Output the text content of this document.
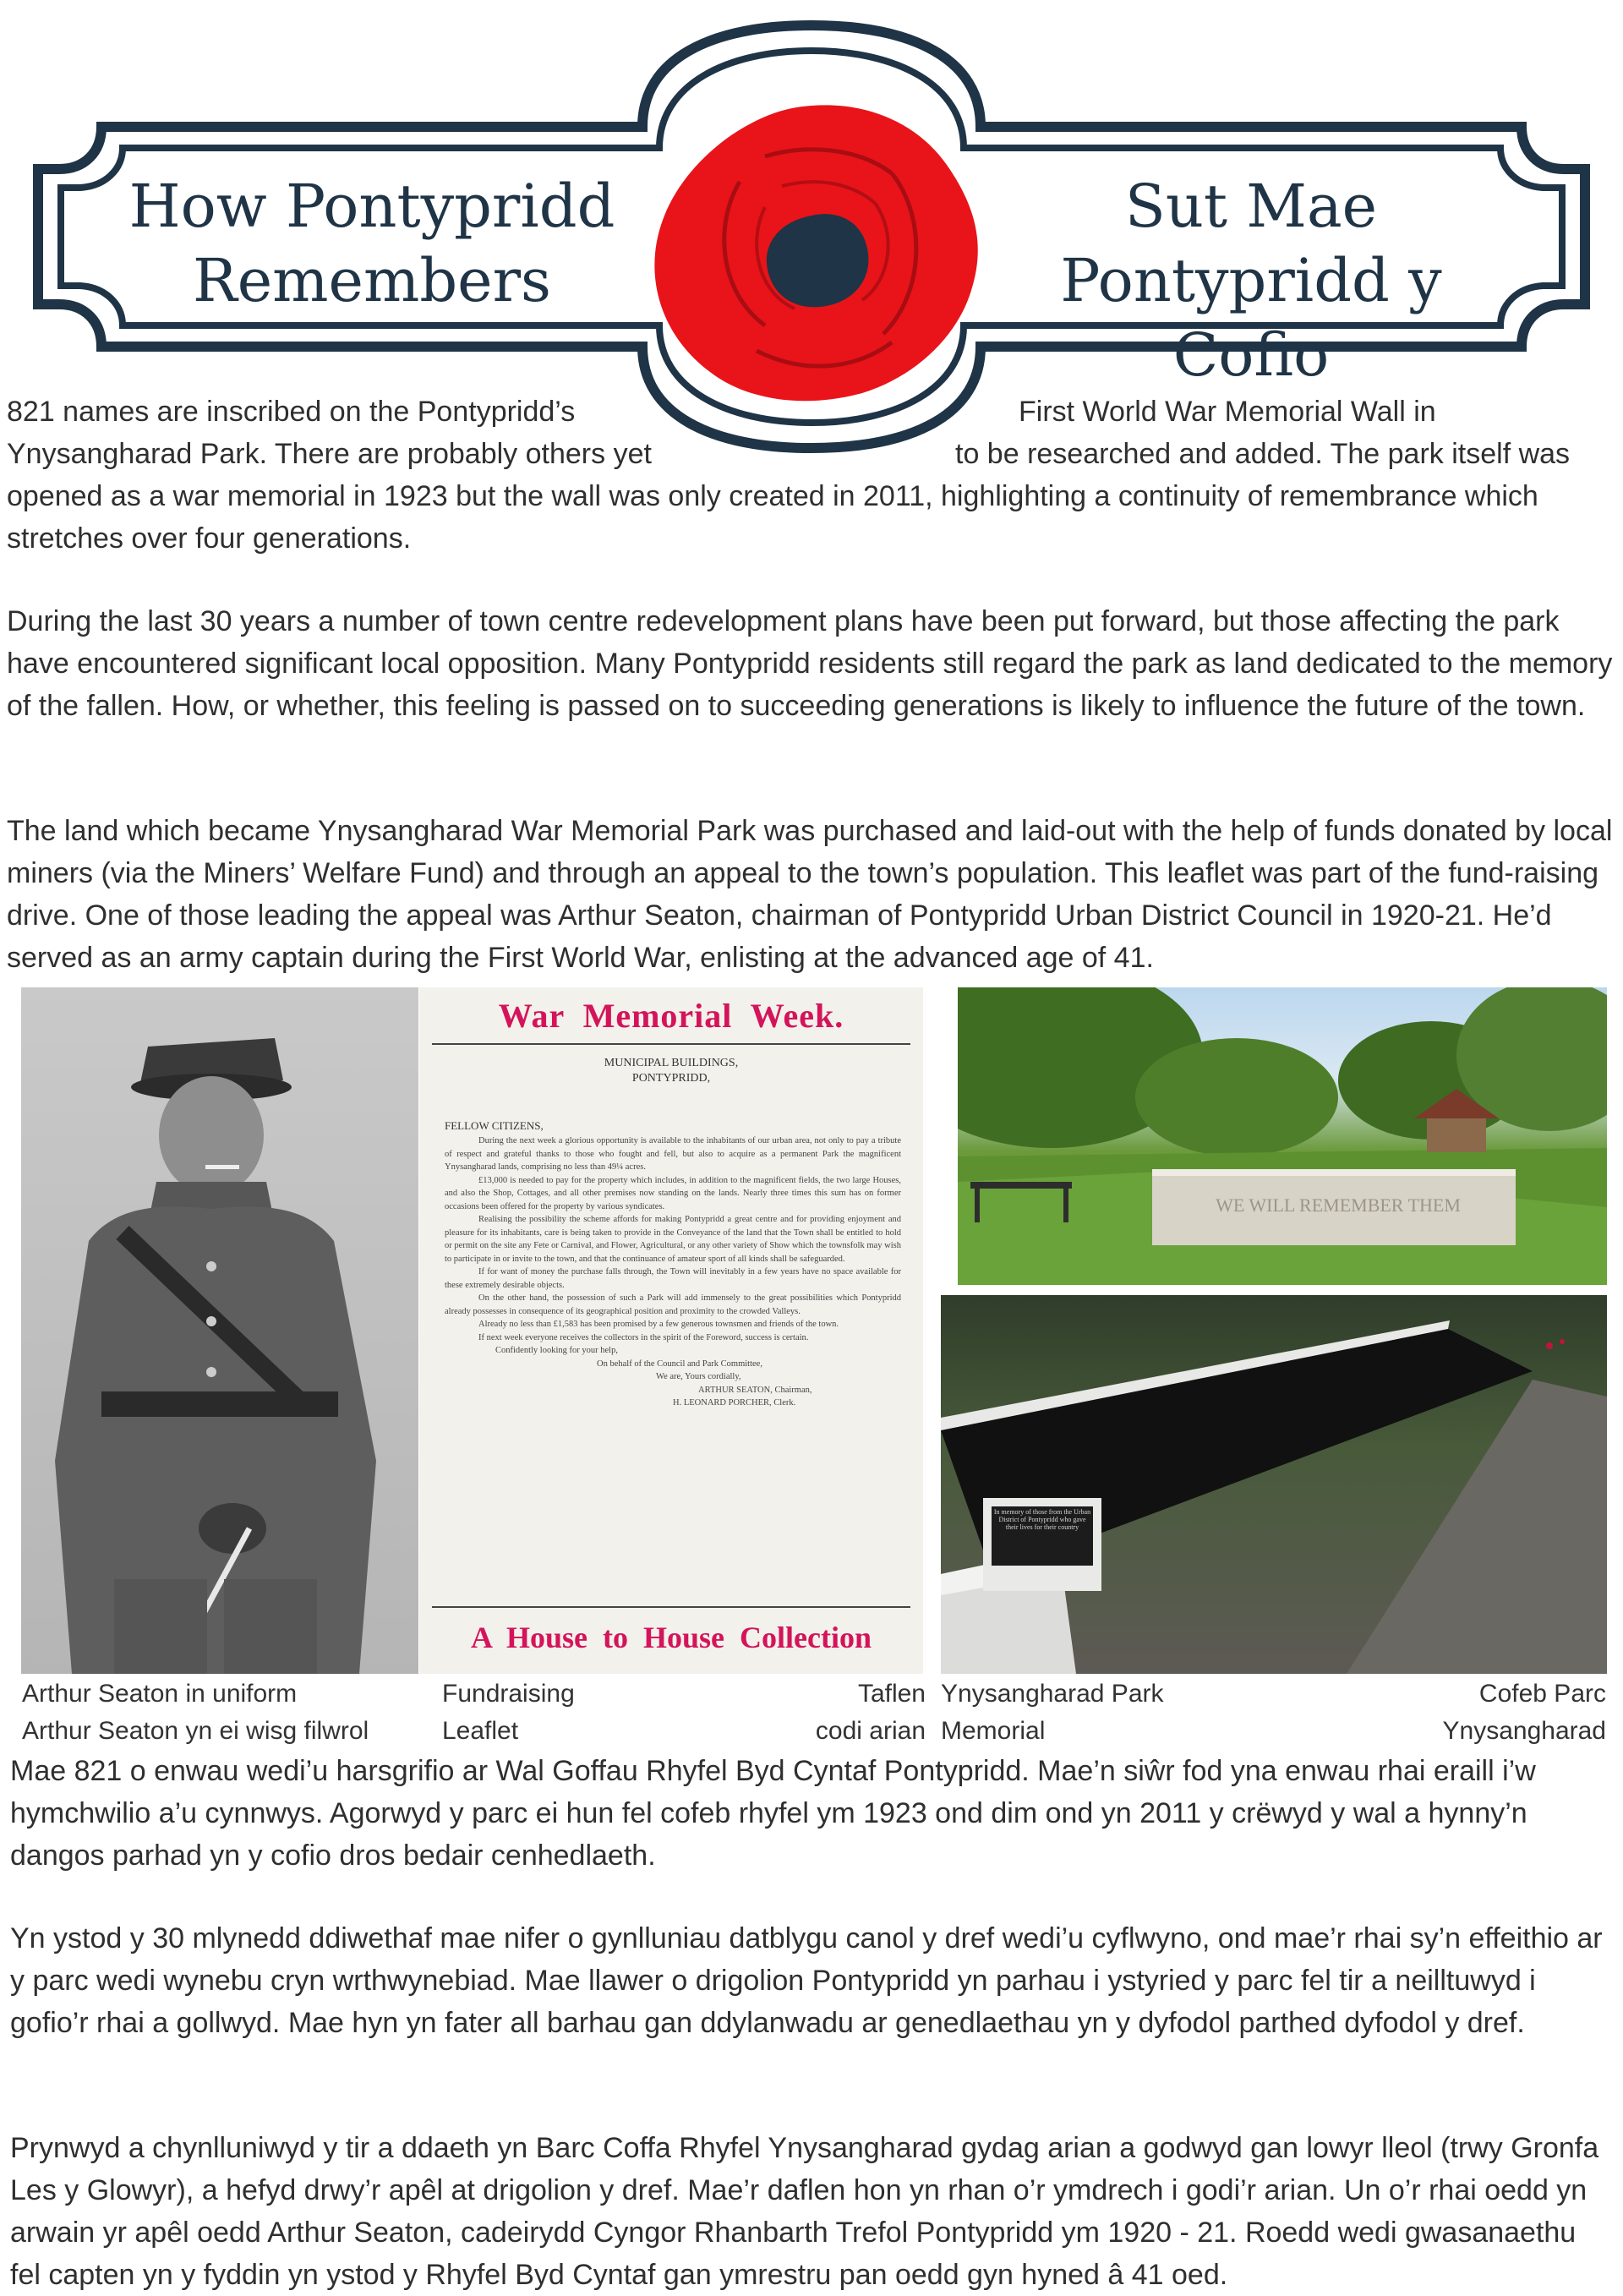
How Pontypridd
Remembers
Sut Mae
Pontypridd y Cofio
821 names are inscribed on the Pontypridd’s	First World War Memorial Wall in
Ynysangharad Park. There are probably others yet	to be researched and added. The park itself was

opened as a war memorial in 1923 but the wall was only created in 2011, highlighting a continuity of remembrance which stretches over four generations.

During the last 30 years a number of town centre redevelopment plans have been put forward, but those affecting the park have encountered significant local opposition. Many Pontypridd residents still regard the park as land dedicated to the memory of the fallen. How, or whether, this feeling is passed on to succeeding generations is likely to influence the future of the town.

The land which became Ynysangharad War Memorial Park was purchased and laid-out with the help of funds donated by local miners (via the Miners’ Welfare Fund) and through an appeal to the town’s population. This leaflet was part of the fund-raising drive. One of those leading the appeal was Arthur Seaton, chairman of Pontypridd Urban District Council in 1920-21. He’d served as an army captain during the First World War, enlisting at the advanced age of 41.

War  Memorial  Week.
MUNICIPAL BUILDINGS,
PONTYPRIDD,
FELLOW CITIZENS,
During the next week a glorious opportunity is available to the inhabitants of our urban area, not only to pay a tribute of respect and grateful thanks to those who fought and fell, but also to acquire as a permanent Park the magnificent Ynysangharad lands, comprising no less than 49¼ acres.
£13,000 is needed to pay for the property which includes, in addition to the magnificent fields, the two large Houses, and also the Shop, Cottages, and all other premises now standing on the lands. Nearly three times this sum has on former occasions been offered for the property by various syndicates.
Realising the possibility the scheme affords for making Pontypridd a great centre and for providing enjoyment and pleasure for its inhabitants, care is being taken to provide in the Conveyance of the land that the Town shall be entitled to hold or permit on the site any Fete or Carnival, and Flower, Agricultural, or any other variety of Show which the townsfolk may wish to participate in or invite to the town, and that the continuance of amateur sport of all kinds shall be safeguarded.
If for want of money the purchase falls through, the Town will inevitably in a few years have no space available for these extremely desirable objects.
On the other hand, the possession of such a Park will add immensely to the great possibilities which Pontypridd already possesses in consequence of its geographical position and proximity to the crowded Valleys.
Already no less than £1,583 has been promised by a few generous townsmen and friends of the town.
If next week everyone receives the collectors in the spirit of the Foreword, success is certain.
Confidently looking for your help,
On behalf of the Council and Park Committee,
We are, Yours cordially,
ARTHUR SEATON, Chairman,
H. LEONARD PORCHER, Clerk.
A  House  to  House  Collection
WE WILL REMEMBER THEM
In memory of those from the Urban District of Pontypridd who gave their lives for their country
Arthur Seaton in uniform
Arthur Seaton yn ei wisg filwrol
Fundraising
Leaflet
Taflen
codi arian
Ynysangharad Park
Memorial
Cofeb Parc
Ynysangharad

Mae 821 o enwau wedi’u harsgrifio ar Wal Goffau Rhyfel Byd Cyntaf Pontypridd. Mae’n siŵr fod yna enwau rhai eraill i’w hymchwilio a’u cynnwys. Agorwyd y parc ei hun fel cofeb rhyfel ym 1923 ond dim ond yn 2011 y crëwyd y wal a hynny’n dangos parhad yn y cofio dros bedair cenhedlaeth.

Yn ystod y 30 mlynedd ddiwethaf mae nifer o gynlluniau datblygu canol y dref wedi’u cyflwyno, ond mae’r rhai sy’n effeithio ar y parc wedi wynebu cryn wrthwynebiad. Mae llawer o drigolion Pontypridd yn parhau i ystyried y parc fel tir a neilltuwyd i gofio’r rhai a gollwyd. Mae hyn yn fater all barhau gan ddylanwadu ar genedlaethau yn y dyfodol parthed dyfodol y dref.

Prynwyd a chynlluniwyd y tir a ddaeth yn Barc Coffa Rhyfel Ynysangharad gydag arian a godwyd gan lowyr lleol (trwy Gronfa Les y Glowyr), a hefyd drwy’r apêl at drigolion y dref. Mae’r daflen hon yn rhan o’r ymdrech i godi’r arian. Un o’r rhai oedd yn arwain yr apêl oedd Arthur Seaton, cadeirydd Cyngor Rhanbarth Trefol Pontypridd ym 1920 - 21. Roedd wedi gwasanaethu fel capten yn y fyddin yn ystod y Rhyfel Byd Cyntaf gan ymrestru pan oedd gyn hyned â 41 oed.
